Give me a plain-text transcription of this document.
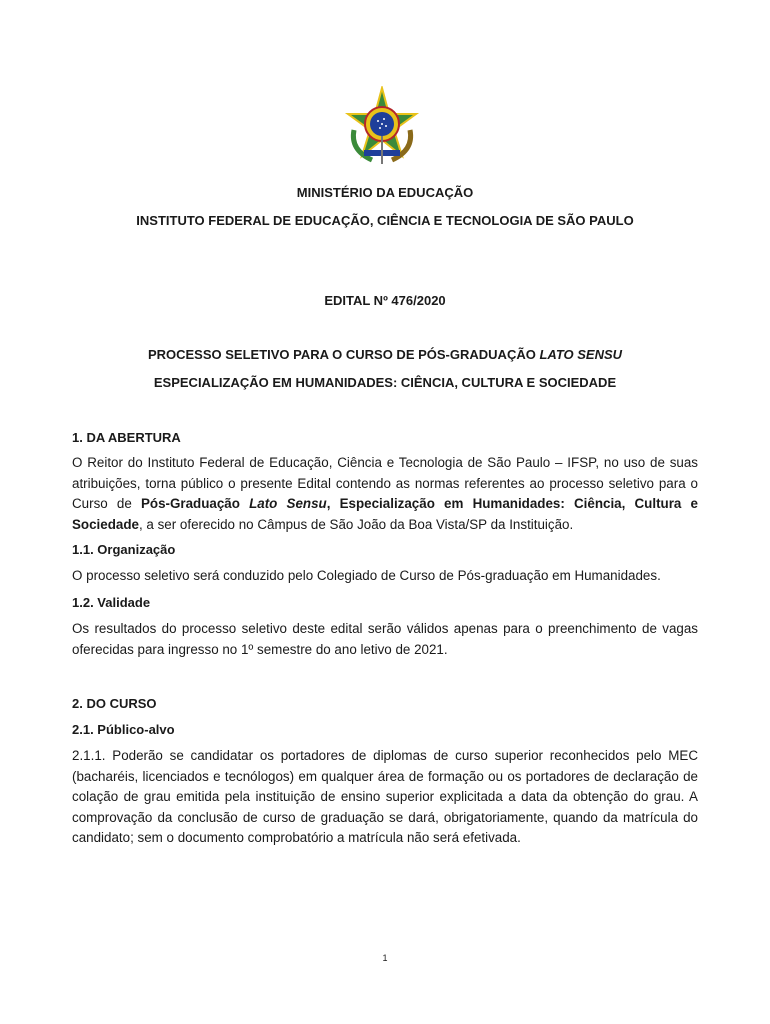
MINISTÉRIO DA EDUCAÇÃO
INSTITUTO FEDERAL DE EDUCAÇÃO, CIÊNCIA E TECNOLOGIA DE SÃO PAULO
EDITAL Nº 476/2020
PROCESSO SELETIVO PARA O CURSO DE PÓS-GRADUAÇÃO LATO SENSU
ESPECIALIZAÇÃO EM HUMANIDADES: CIÊNCIA, CULTURA E SOCIEDADE
1. DA ABERTURA
O Reitor do Instituto Federal de Educação, Ciência e Tecnologia de São Paulo – IFSP, no uso de suas atribuições, torna público o presente Edital contendo as normas referentes ao processo seletivo para o Curso de Pós-Graduação Lato Sensu, Especialização em Humanidades: Ciência, Cultura e Sociedade, a ser oferecido no Câmpus de São João da Boa Vista/SP da Instituição.
1.1. Organização
O processo seletivo será conduzido pelo Colegiado de Curso de Pós-graduação em Humanidades.
1.2. Validade
Os resultados do processo seletivo deste edital serão válidos apenas para o preenchimento de vagas oferecidas para ingresso no 1º semestre do ano letivo de 2021.
2. DO CURSO
2.1. Público-alvo
2.1.1. Poderão se candidatar os portadores de diplomas de curso superior reconhecidos pelo MEC (bacharéis, licenciados e tecnólogos) em qualquer área de formação ou os portadores de declaração de colação de grau emitida pela instituição de ensino superior explicitada a data da obtenção do grau. A comprovação da conclusão de curso de graduação se dará, obrigatoriamente, quando da matrícula do candidato; sem o documento comprobatório a matrícula não será efetivada.
1
